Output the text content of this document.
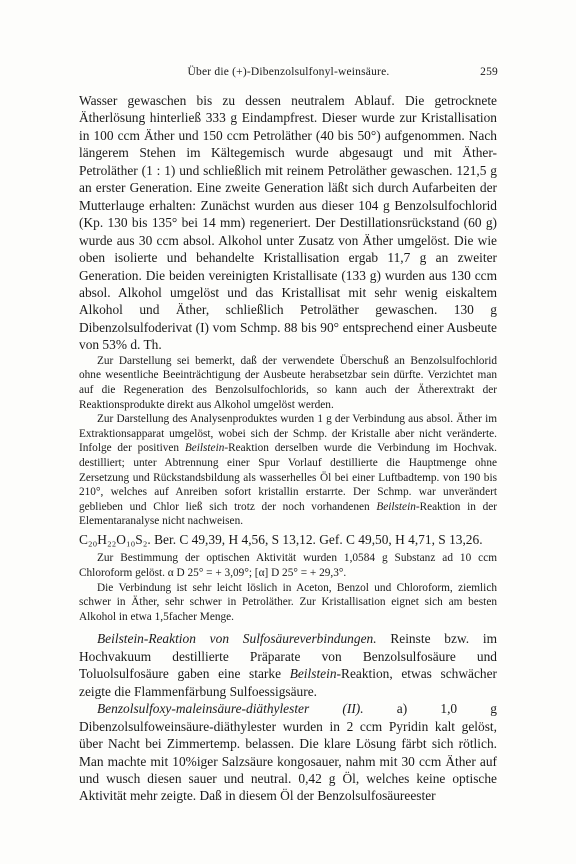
Über die (+)-Dibenzolsulfonyl-weinsäure.	259

Wasser gewaschen bis zu dessen neutralem Ablauf. Die getrocknete Ätherlösung hinterließ 333 g Eindampfrest. Dieser wurde zur Kristallisation in 100 ccm Äther und 150 ccm Petroläther (40 bis 50°) aufgenommen. Nach längerem Stehen im Kältegemisch wurde abgesaugt und mit Äther-Petroläther (1 : 1) und schließlich mit reinem Petroläther gewaschen. 121,5 g an erster Generation. Eine zweite Generation läßt sich durch Aufarbeiten der Mutterlauge erhalten: Zunächst wurden aus dieser 104 g Benzolsulfochlorid (Kp. 130 bis 135° bei 14 mm) regeneriert. Der Destillationsrückstand (60 g) wurde aus 30 ccm absol. Alkohol unter Zusatz von Äther umgelöst. Die wie oben isolierte und behandelte Kristallisation ergab 11,7 g an zweiter Generation. Die beiden vereinigten Kristallisate (133 g) wurden aus 130 ccm absol. Alkohol umgelöst und das Kristallisat mit sehr wenig eiskaltem Alkohol und Äther, schließlich Petroläther gewaschen. 130 g Dibenzolsulfoderivat (I) vom Schmp. 88 bis 90° entsprechend einer Ausbeute von 53% d. Th.

Zur Darstellung sei bemerkt, daß der verwendete Überschuß an Benzolsulfochlorid ohne wesentliche Beeinträchtigung der Ausbeute herabsetzbar sein dürfte. Verzichtet man auf die Regeneration des Benzolsulfochlorids, so kann auch der Ätherextrakt der Reaktionsprodukte direkt aus Alkohol umgelöst werden.

Zur Darstellung des Analysenproduktes wurden 1 g der Verbindung aus absol. Äther im Extraktionsapparat umgelöst, wobei sich der Schmp. der Kristalle aber nicht veränderte. Infolge der positiven Beilstein-Reaktion derselben wurde die Verbindung im Hochvak. destilliert; unter Abtrennung einer Spur Vorlauf destillierte die Hauptmenge ohne Zersetzung und Rückstandsbildung als wasserhelles Öl bei einer Luftbadtemp. von 190 bis 210°, welches auf Anreiben sofort kristallin erstarrte. Der Schmp. war unverändert geblieben und Chlor ließ sich trotz der noch vorhandenen Beilstein-Reaktion in der Elementaranalyse nicht nachweisen.

C₂₀H₂₂O₁₀S₂. Ber. C 49,39, H 4,56, S 13,12. Gef. C 49,50, H 4,71, S 13,26.

Zur Bestimmung der optischen Aktivität wurden 1,0584 g Substanz ad 10 ccm Chloroform gelöst. α D 25° = + 3,09°; [α] D 25° = + 29,3°.

Die Verbindung ist sehr leicht löslich in Aceton, Benzol und Chloroform, ziemlich schwer in Äther, sehr schwer in Petroläther. Zur Kristallisation eignet sich am besten Alkohol in etwa 1,5facher Menge.

Beilstein-Reaktion von Sulfosäureverbindungen. Reinste bzw. im Hochvakuum destillierte Präparate von Benzolsulfosäure und Toluolsulfosäure gaben eine starke Beilstein-Reaktion, etwas schwächer zeigte die Flammenfärbung Sulfoessigsäure.

Benzolsulfoxy-maleinsäure-diäthylester (II). a) 1,0 g Dibenzolsulfoweinsäure-diäthylester wurden in 2 ccm Pyridin kalt gelöst, über Nacht bei Zimmertemp. belassen. Die klare Lösung färbt sich rötlich. Man machte mit 10%iger Salzsäure kongosauer, nahm mit 30 ccm Äther auf und wusch diesen sauer und neutral. 0,42 g Öl, welches keine optische Aktivität mehr zeigte. Daß in diesem Öl der Benzolsulfosäureester
